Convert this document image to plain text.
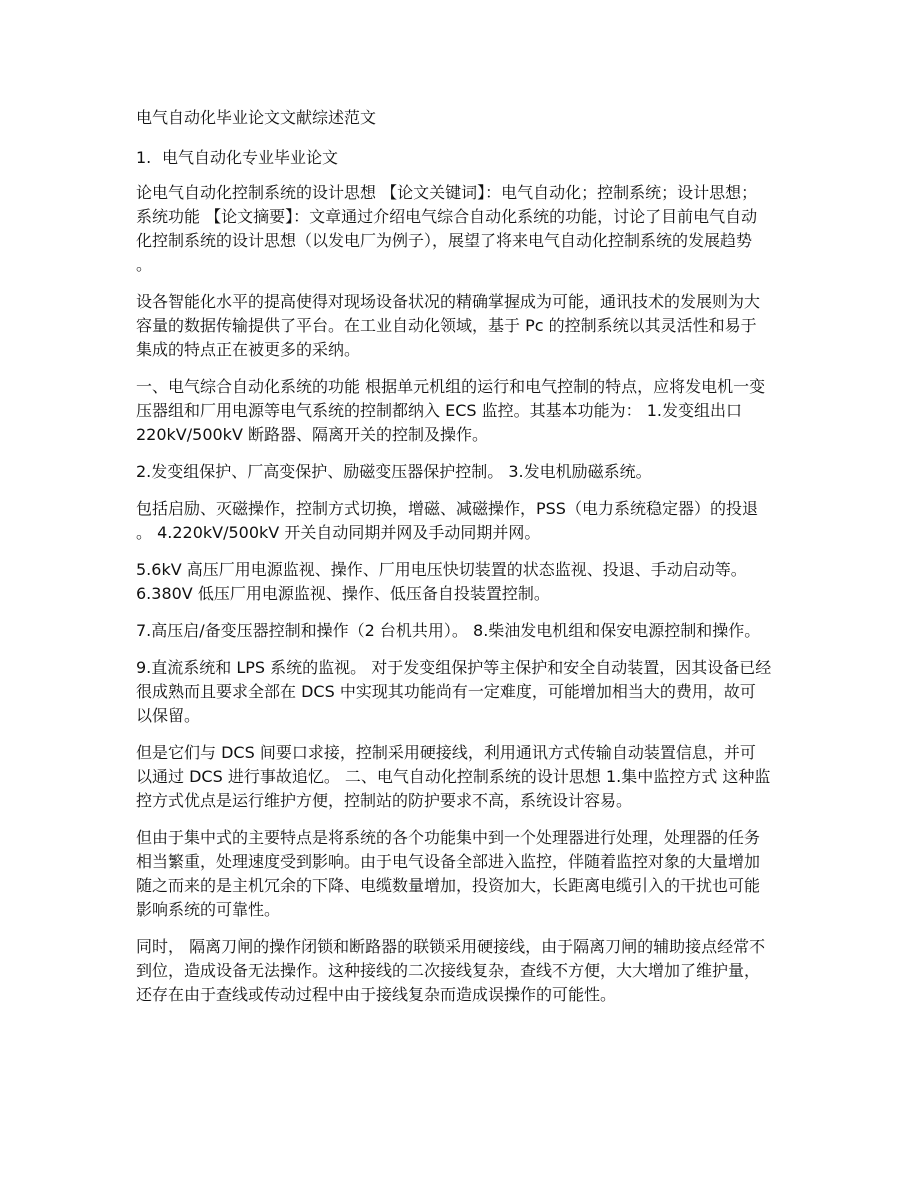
电气自动化毕业论文文献综述范文
1. 电气自动化专业毕业论文

论电气自动化控制系统的设计思想 【论文关键词】：电气自动化；控制系统；设计思想；
系统功能 【论文摘要】：文章通过介绍电气综合自动化系统的功能，讨论了目前电气自动
化控制系统的设计思想（以发电厂为例子），展望了将来电气自动化控制系统的发展趋势
。

设各智能化水平的提高使得对现场设备状况的精确掌握成为可能，通讯技术的发展则为大
容量的数据传输提供了平台。在工业自动化领域，基于 Pc 的控制系统以其灵活性和易于
集成的特点正在被更多的采纳。

一、电气综合自动化系统的功能 根据单元机组的运行和电气控制的特点，应将发电机一变
压器组和厂用电源等电气系统的控制都纳入 ECS 监控。其基本功能为： 1.发变组出口
220kV/500kV 断路器、隔离开关的控制及操作。

2.发变组保护、厂高变保护、励磁变压器保护控制。 3.发电机励磁系统。

包括启励、灭磁操作，控制方式切换，增磁、减磁操作，PSS（电力系统稳定器）的投退
。 4.220kV/500kV 开关自动同期并网及手动同期并网。

5.6kV 高压厂用电源监视、操作、厂用电压快切装置的状态监视、投退、手动启动等。
6.380V 低压厂用电源监视、操作、低压备自投装置控制。

7.高压启/备变压器控制和操作（2 台机共用）。 8.柴油发电机组和保安电源控制和操作。

9.直流系统和 LPS 系统的监视。 对于发变组保护等主保护和安全自动装置，因其设备已经
很成熟而且要求全部在 DCS 中实现其功能尚有一定难度，可能增加相当大的费用，故可
以保留。

但是它们与 DCS 间要口求接，控制采用硬接线，利用通讯方式传输自动装置信息，并可
以通过 DCS 进行事故追忆。 二、电气自动化控制系统的设计思想 1.集中监控方式 这种监
控方式优点是运行维护方便，控制站的防护要求不高，系统设计容易。

但由于集中式的主要特点是将系统的各个功能集中到一个处理器进行处理，处理器的任务
相当繁重，处理速度受到影响。由于电气设备全部进入监控，伴随着监控对象的大量增加
随之而来的是主机冗余的下降、电缆数量增加，投资加大，长距离电缆引入的干扰也可能
影响系统的可靠性。

同时， 隔离刀闸的操作闭锁和断路器的联锁采用硬接线，由于隔离刀闸的辅助接点经常不
到位，造成设备无法操作。这种接线的二次接线复杂，查线不方便，大大增加了维护量，
还存在由于查线或传动过程中由于接线复杂而造成误操作的可能性。
